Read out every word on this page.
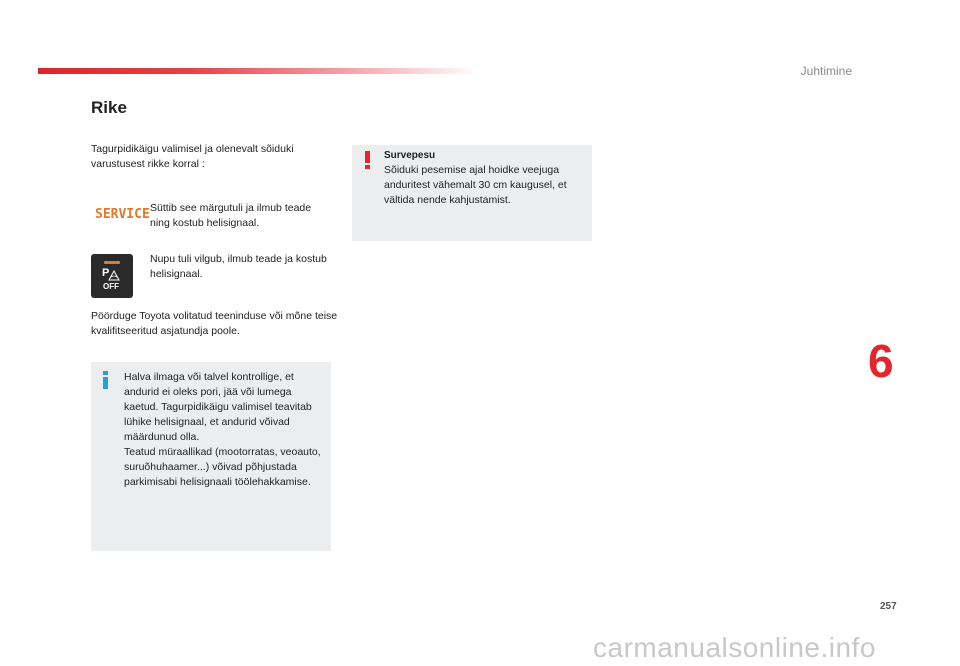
Juhtimine
Rike
Tagurpidikäigu valimisel ja olenevalt sõiduki varustusest rikke korral :
SERVICE Süttib see märgutuli ja ilmub teade ning kostub helisignaal.
P
OFF
Nupu tuli vilgub, ilmub teade ja kostub helisignaal.
Pöörduge Toyota volitatud teeninduse või mõne teise kvalifitseeritud asjatundja poole.
Halva ilmaga või talvel kontrollige, et andurid ei oleks pori, jää või lumega kaetud. Tagurpidikäigu valimisel teavitab lühike helisignaal, et andurid võivad määrdunud olla.
Teatud müraallikad (mootorratas, veoauto, suruõhuhaamer...) võivad põhjustada parkimisabi helisignaali töölehakkamise.
Survepesu
Sõiduki pesemise ajal hoidke veejuga anduritest vähemalt 30 cm kaugusel, et vältida nende kahjustamist.
6
257
carmanualsonline.info
